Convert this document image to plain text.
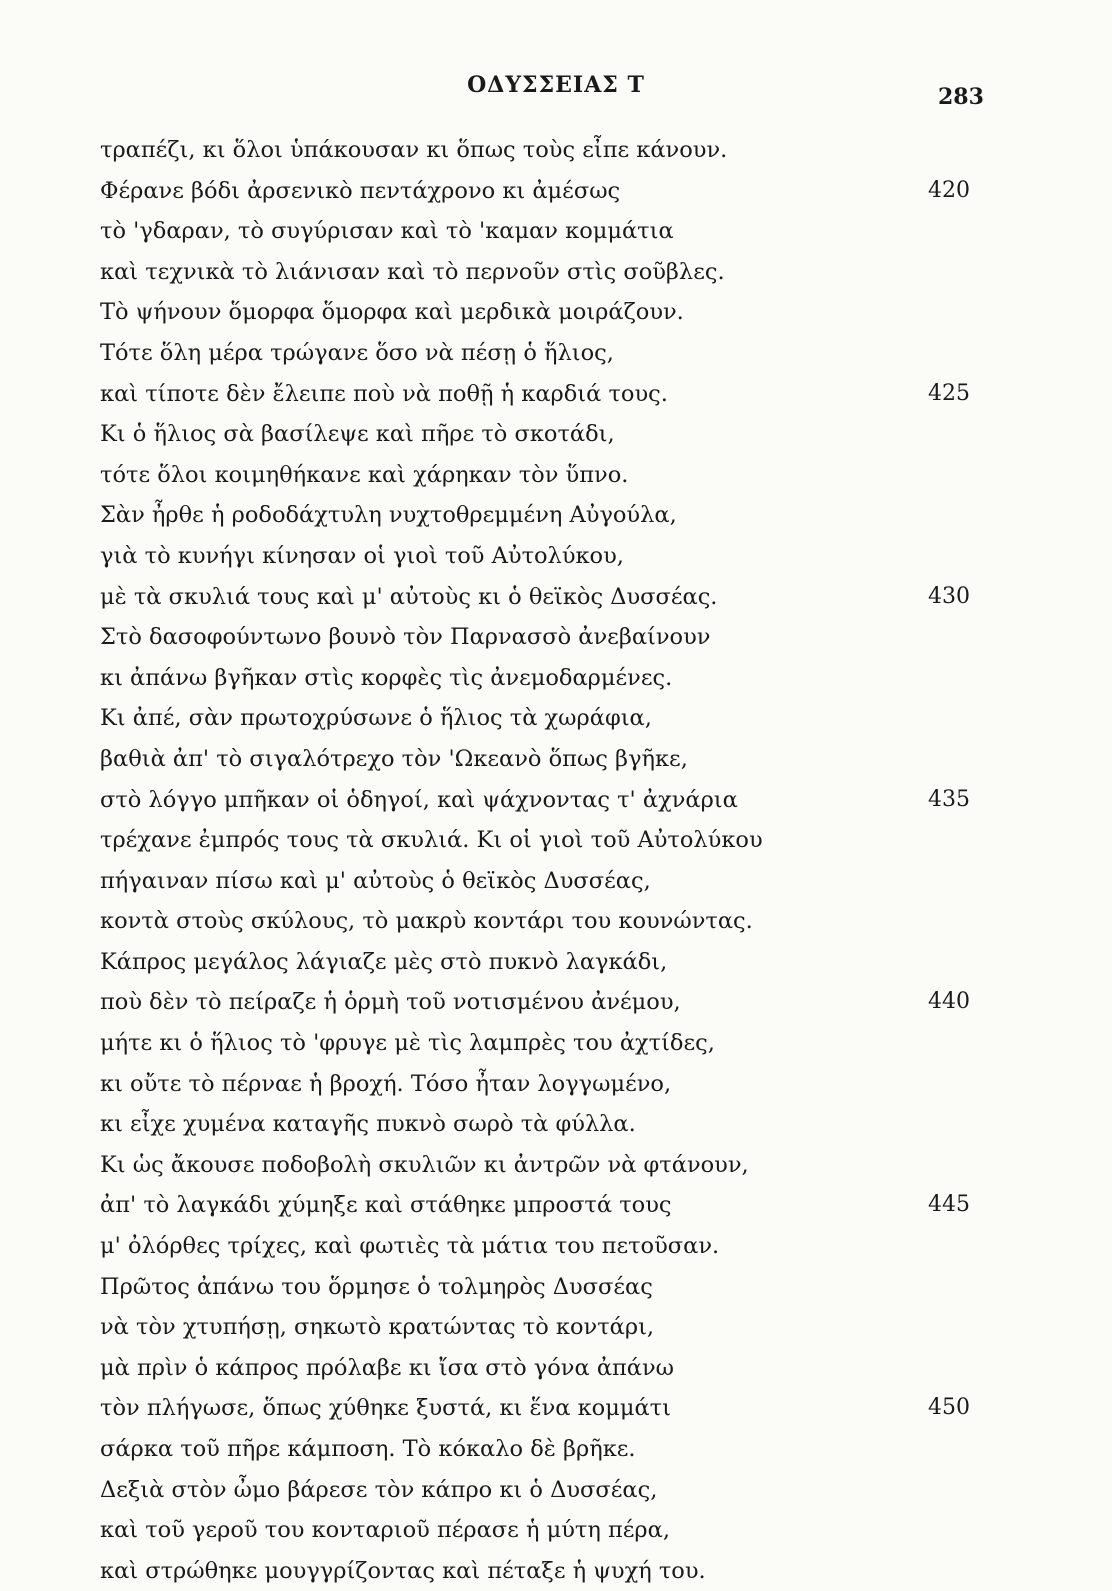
ΟΔΥΣΣΕΙΑΣ Τ	283
τραπέζι, κι ὅλοι ὑπάκουσαν κι ὅπως τοὺς εἶπε κάνουν.
Φέρανε βόδι ἀρσενικὸ πεντάχρονο κι ἀμέσως	420
τὸ 'γδαραν, τὸ συγύρισαν καὶ τὸ 'καμαν κομμάτια
καὶ τεχνικὰ τὸ λιάνισαν καὶ τὸ περνοῦν στὶς σοῦβλες.
Τὸ ψήνουν ὅμορφα ὅμορφα καὶ μερδικὰ μοιράζουν.
Τότε ὅλη μέρα τρώγανε ὅσο νὰ πέσῃ ὁ ἥλιος,
καὶ τίποτε δὲν ἔλειπε ποὺ νὰ ποθῇ ἡ καρδιά τους.	425
Κι ὁ ἥλιος σὰ βασίλεψε καὶ πῆρε τὸ σκοτάδι,
τότε ὅλοι κοιμηθήκανε καὶ χάρηκαν τὸν ὕπνο.
Σὰν ἦρθε ἡ ροδοδάχτυλη νυχτοθρεμμένη Αὐγούλα,
γιὰ τὸ κυνήγι κίνησαν οἱ γιοὶ τοῦ Αὐτολύκου,
μὲ τὰ σκυλιά τους καὶ μ' αὐτοὺς κι ὁ θεϊκὸς Δυσσέας.	430
Στὸ δασοφούντωνο βουνὸ τὸν Παρνασσὸ ἀνεβαίνουν
κι ἀπάνω βγῆκαν στὶς κορφὲς τὶς ἀνεμοδαρμένες.
Κι ἀπέ, σὰν πρωτοχρύσωνε ὁ ἥλιος τὰ χωράφια,
βαθιὰ ἀπ' τὸ σιγαλότρεχο τὸν 'Ωκεανὸ ὅπως βγῆκε,
στὸ λόγγο μπῆκαν οἱ ὁδηγοί, καὶ ψάχνοντας τ' ἀχνάρια	435
τρέχανε ἐμπρός τους τὰ σκυλιά. Κι οἱ γιοὶ τοῦ Αὐτολύκου
πήγαιναν πίσω καὶ μ' αὐτοὺς ὁ θεϊκὸς Δυσσέας,
κοντὰ στοὺς σκύλους, τὸ μακρὺ κοντάρι του κουνώντας.
Κάπρος μεγάλος λάγιαζε μὲς στὸ πυκνὸ λαγκάδι,
ποὺ δὲν τὸ πείραζε ἡ ὁρμὴ τοῦ νοτισμένου ἀνέμου,	440
μήτε κι ὁ ἥλιος τὸ 'φρυγε μὲ τὶς λαμπρὲς του ἀχτίδες,
κι οὔτε τὸ πέρναε ἡ βροχή. Τόσο ἦταν λογγωμένο,
κι εἶχε χυμένα καταγῆς πυκνὸ σωρὸ τὰ φύλλα.
Κι ὡς ἄκουσε ποδοβολὴ σκυλιῶν κι ἀντρῶν νὰ φτάνουν,
ἀπ' τὸ λαγκάδι χύμηξε καὶ στάθηκε μπροστά τους	445
μ' ὀλόρθες τρίχες, καὶ φωτιὲς τὰ μάτια του πετοῦσαν.
Πρῶτος ἀπάνω του ὅρμησε ὁ τολμηρὸς Δυσσέας
νὰ τὸν χτυπήσῃ, σηκωτὸ κρατώντας τὸ κοντάρι,
μὰ πρὶν ὁ κάπρος πρόλαβε κι ἴσα στὸ γόνα ἀπάνω
τὸν πλήγωσε, ὅπως χύθηκε ξυστά, κι ἕνα κομμάτι	450
σάρκα τοῦ πῆρε κάμποση. Τὸ κόκαλο δὲ βρῆκε.
Δεξιὰ στὸν ὦμο βάρεσε τὸν κάπρο κι ὁ Δυσσέας,
καὶ τοῦ γεροῦ του κονταριοῦ πέρασε ἡ μύτη πέρα,
καὶ στρώθηκε μουγγρίζοντας καὶ πέταξε ἡ ψυχή του.
